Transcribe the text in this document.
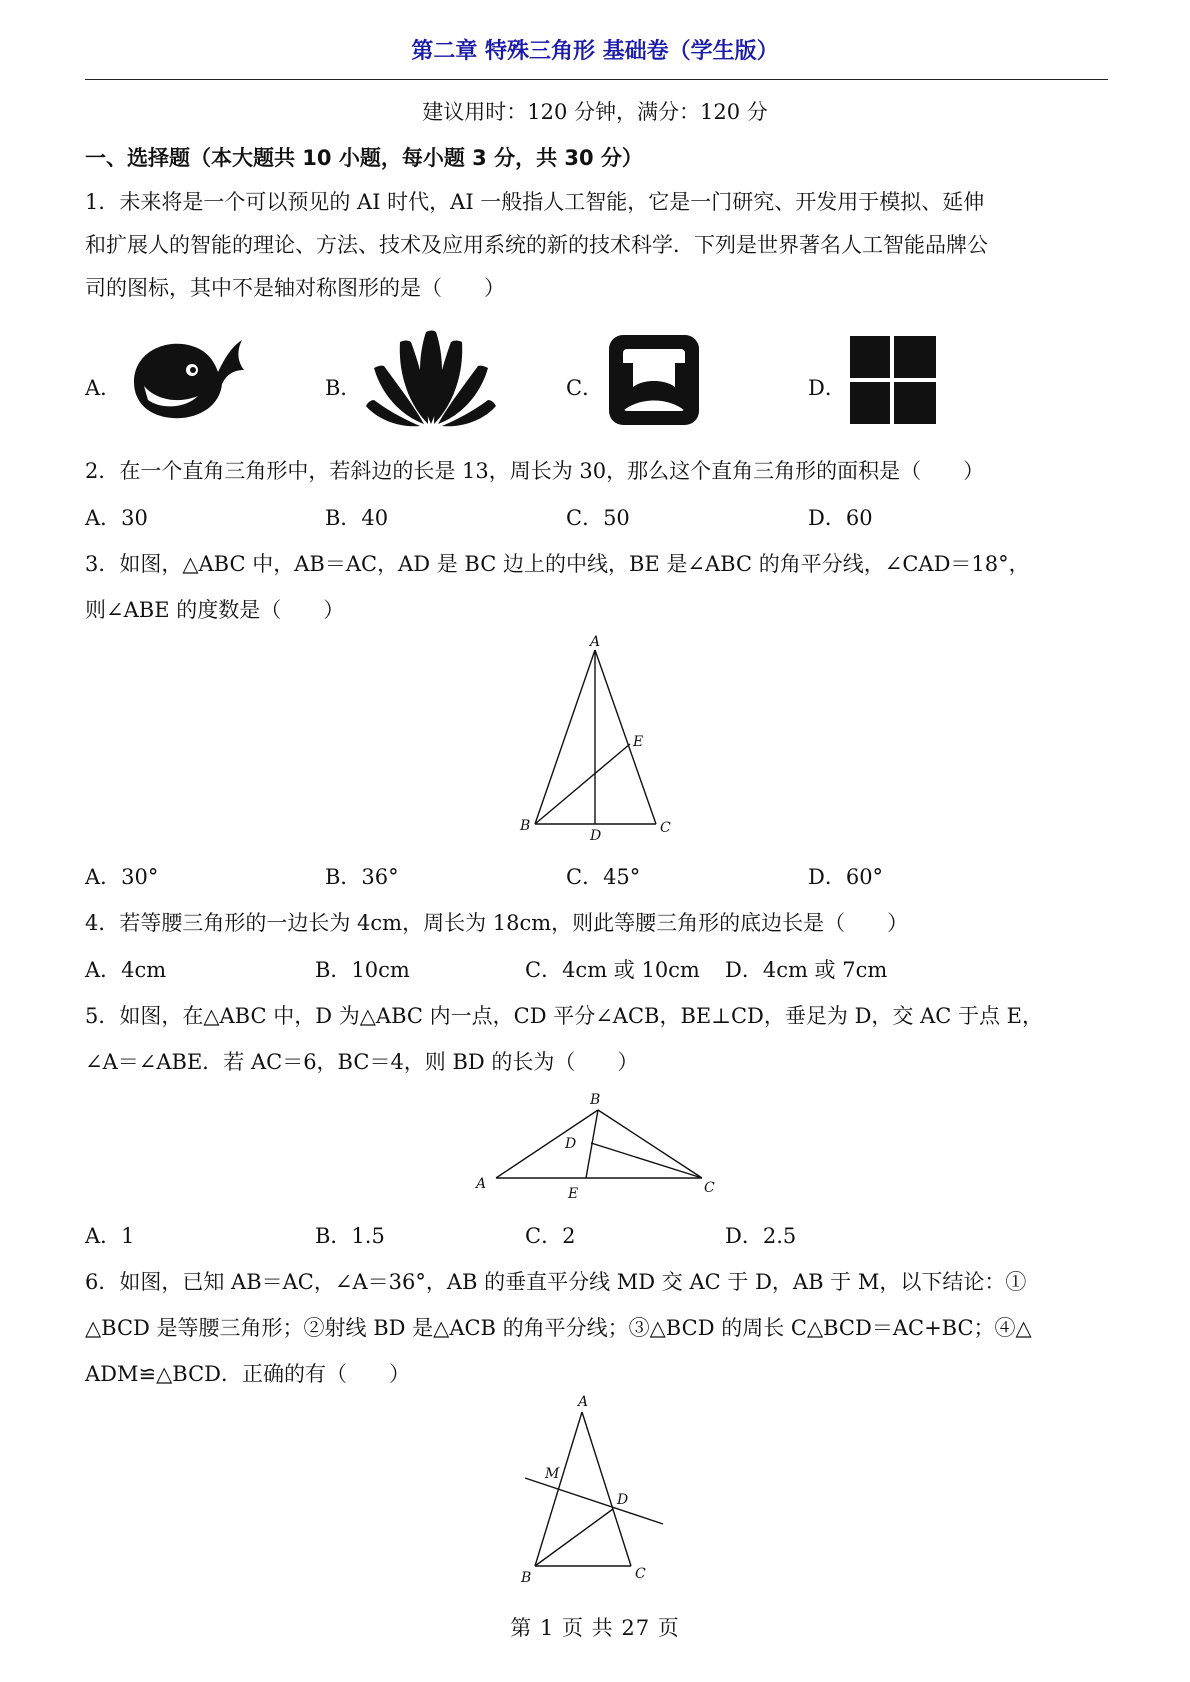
第二章 特殊三角形 基础卷（学生版）
建议用时：120 分钟，满分：120 分
一、选择题（本大题共 10 小题，每小题 3 分，共 30 分）
1．未来将是一个可以预见的 AI 时代，AI 一般指人工智能，它是一门研究、开发用于模拟、延伸
和扩展人的智能的理论、方法、技术及应用系统的新的技术科学．下列是世界著名人工智能品牌公
司的图标，其中不是轴对称图形的是（　　）
A．	B．	C．	D．
2．在一个直角三角形中，若斜边的长是 13，周长为 30，那么这个直角三角形的面积是（　　）
A．30	B．40	C．50	D．60
3．如图，△ABC 中，AB＝AC，AD 是 BC 边上的中线，BE 是∠ABC 的角平分线，∠CAD＝18°，
则∠ABE 的度数是（　　）
A
E
B
D	C
A．30°	B．36°	C．45°	D．60°
4．若等腰三角形的一边长为 4cm，周长为 18cm，则此等腰三角形的底边长是（　　）
A．4cm	B．10cm	C．4cm 或 10cm D．4cm 或 7cm
5．如图，在△ABC 中，D 为△ABC 内一点，CD 平分∠ACB，BE⊥CD，垂足为 D，交 AC 于点 E，
∠A＝∠ABE．若 AC＝6，BC＝4，则 BD 的长为（　　）
B
D
A
E	C
A．1	B．1.5	C．2	D．2.5
6．如图，已知 AB＝AC，∠A＝36°，AB 的垂直平分线 MD 交 AC 于 D，AB 于 M，以下结论：①
△BCD 是等腰三角形；②射线 BD 是△ACB 的角平分线；③△BCD 的周长 C△BCD＝AC+BC；④△
ADM≌△BCD．正确的有（　　）
A
M
D
B	C
第 1 页 共 27 页
